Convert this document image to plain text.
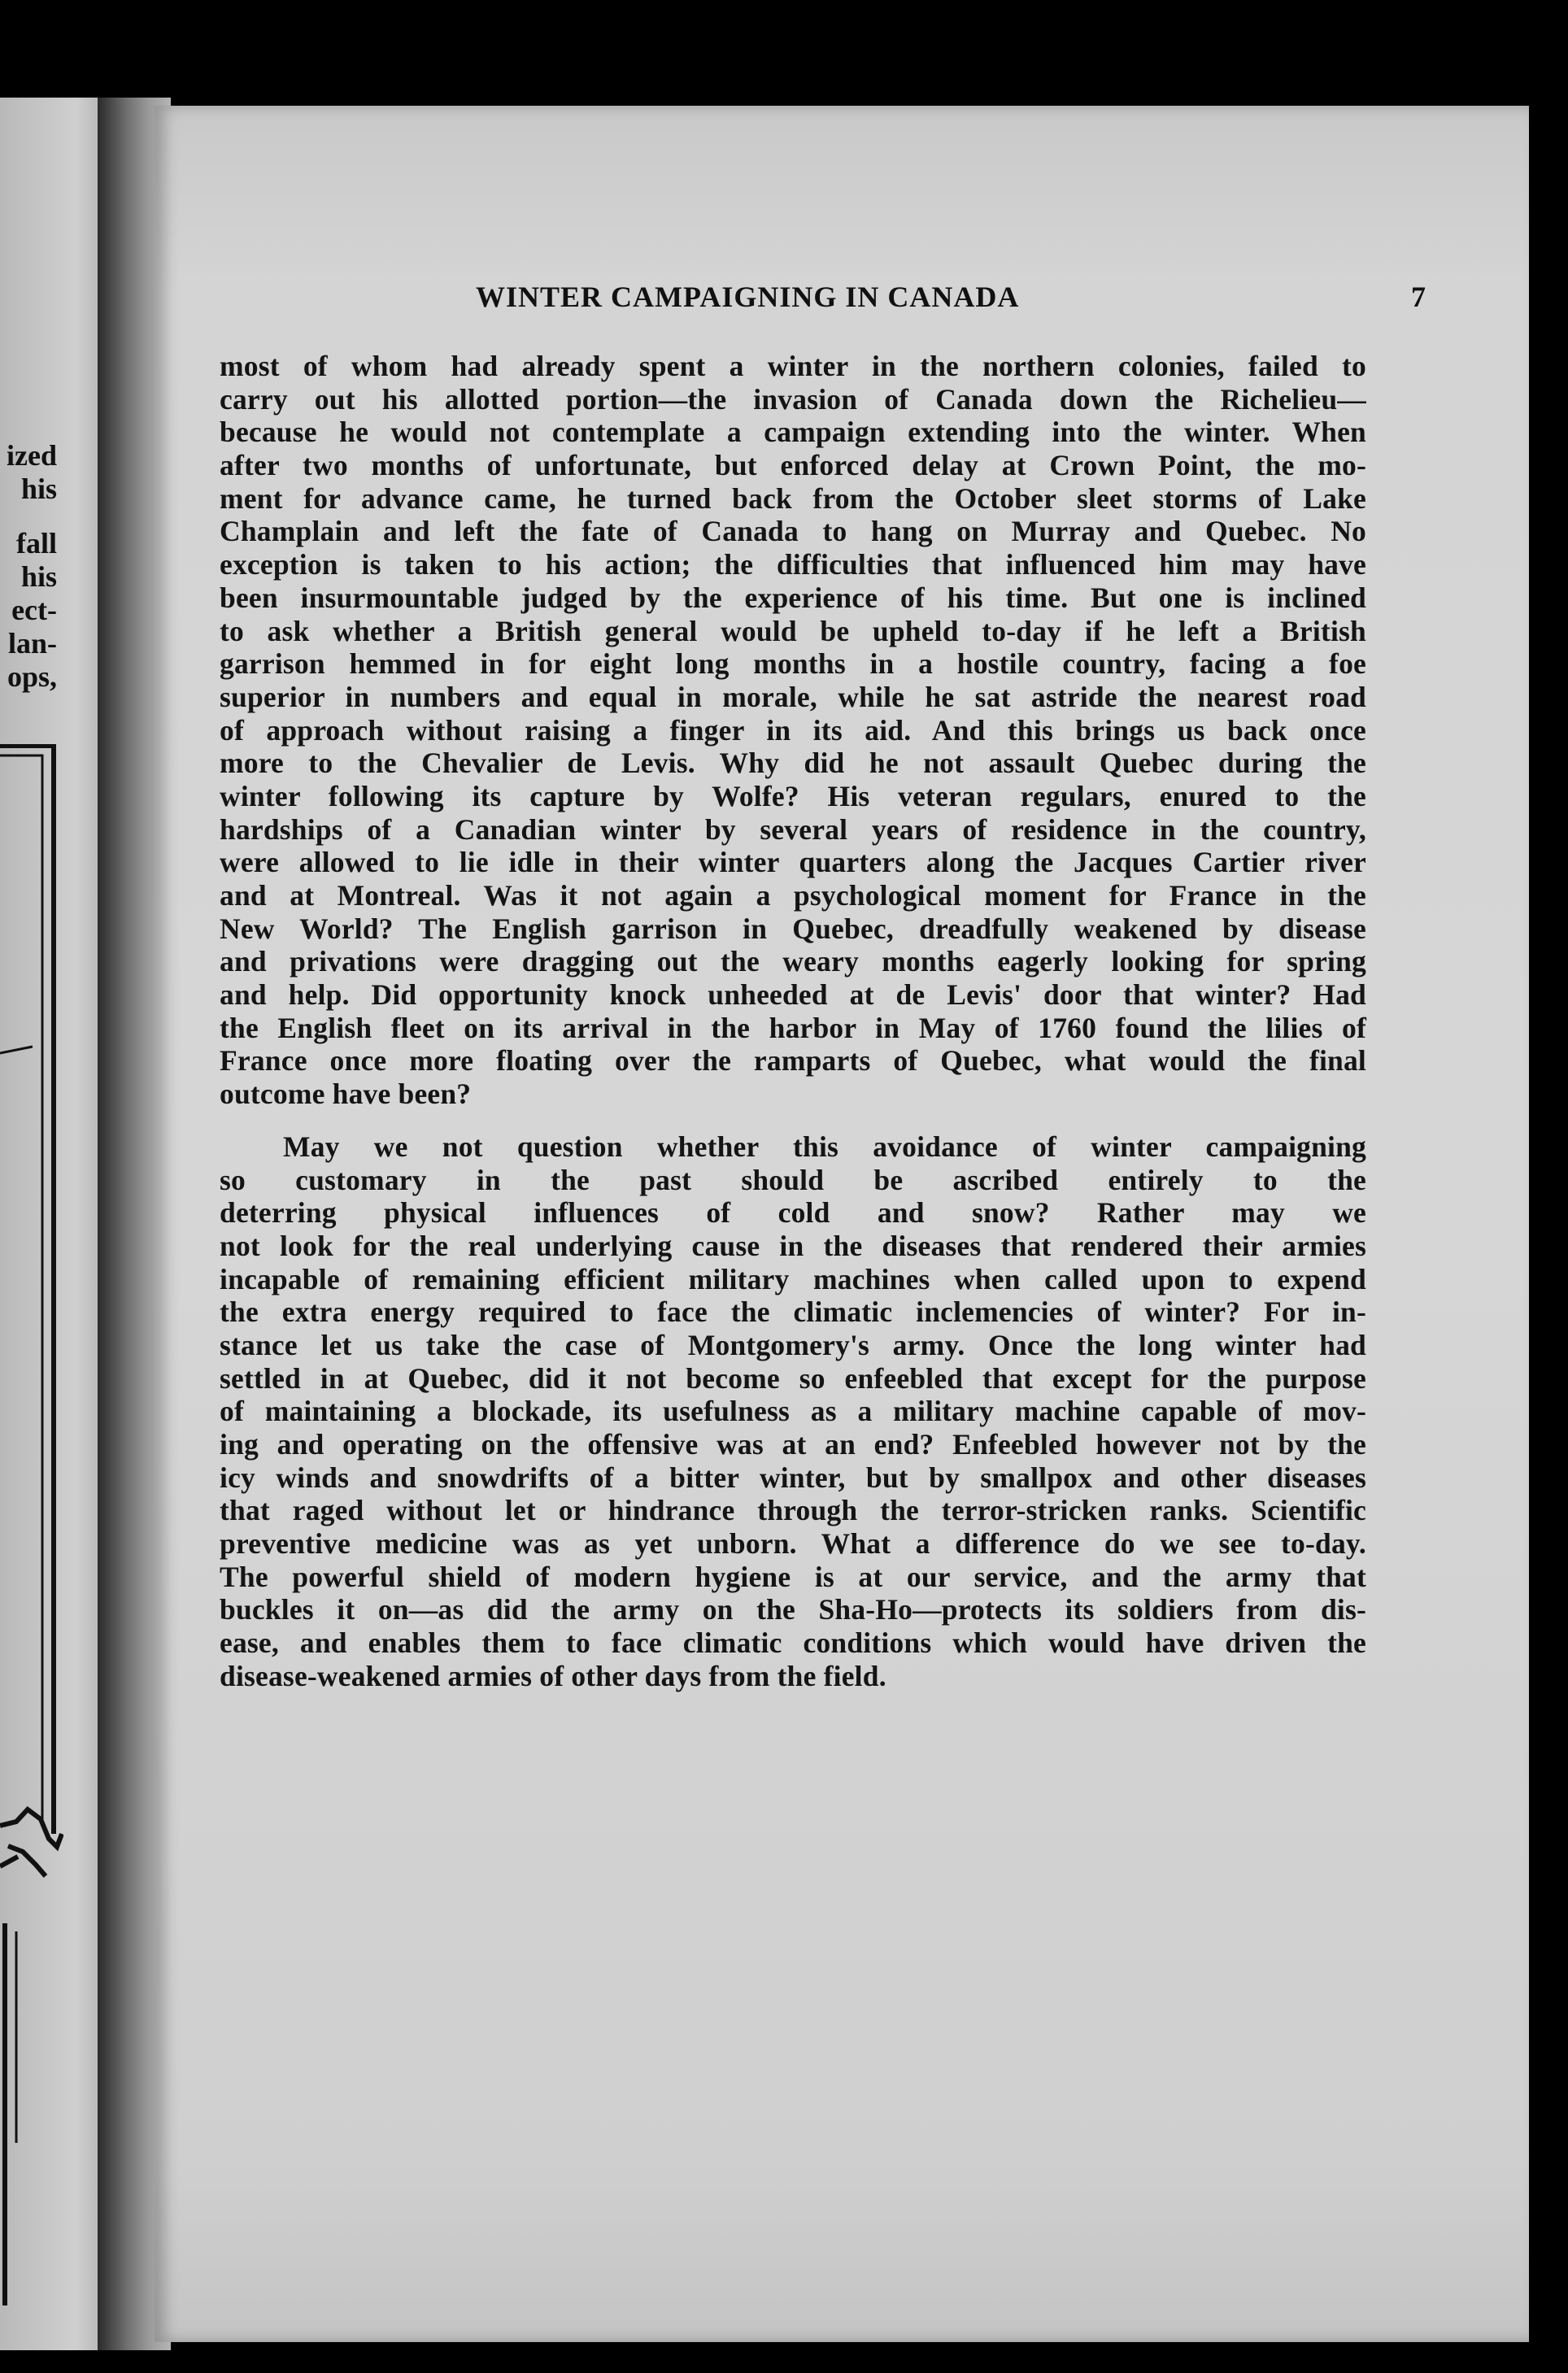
ized
his
fall
his
ect-
lan-
ops,
WINTER CAMPAIGNING IN CANADA	7
most of whom had already spent a winter in the northern colonies, failed to
carry out his allotted portion—the invasion of Canada down the Richelieu—
because he would not contemplate a campaign extending into the winter. When
after two months of unfortunate, but enforced delay at Crown Point, the mo-
ment for advance came, he turned back from the October sleet storms of Lake
Champlain and left the fate of Canada to hang on Murray and Quebec. No
exception is taken to his action; the difficulties that influenced him may have
been insurmountable judged by the experience of his time. But one is inclined
to ask whether a British general would be upheld to-day if he left a British
garrison hemmed in for eight long months in a hostile country, facing a foe
superior in numbers and equal in morale, while he sat astride the nearest road
of approach without raising a finger in its aid. And this brings us back once
more to the Chevalier de Levis. Why did he not assault Quebec during the
winter following its capture by Wolfe? His veteran regulars, enured to the
hardships of a Canadian winter by several years of residence in the country,
were allowed to lie idle in their winter quarters along the Jacques Cartier river
and at Montreal. Was it not again a psychological moment for France in the
New World? The English garrison in Quebec, dreadfully weakened by disease
and privations were dragging out the weary months eagerly looking for spring
and help. Did opportunity knock unheeded at de Levis' door that winter? Had
the English fleet on its arrival in the harbor in May of 1760 found the lilies of
France once more floating over the ramparts of Quebec, what would the final
outcome have been?
May we not question whether this avoidance of winter campaigning
so customary in the past should be ascribed entirely to the
deterring physical influences of cold and snow? Rather may we
not look for the real underlying cause in the diseases that rendered their armies
incapable of remaining efficient military machines when called upon to expend
the extra energy required to face the climatic inclemencies of winter? For in-
stance let us take the case of Montgomery's army. Once the long winter had
settled in at Quebec, did it not become so enfeebled that except for the purpose
of maintaining a blockade, its usefulness as a military machine capable of mov-
ing and operating on the offensive was at an end? Enfeebled however not by the
icy winds and snowdrifts of a bitter winter, but by smallpox and other diseases
that raged without let or hindrance through the terror-stricken ranks. Scientific
preventive medicine was as yet unborn. What a difference do we see to-day.
The powerful shield of modern hygiene is at our service, and the army that
buckles it on—as did the army on the Sha-Ho—protects its soldiers from dis-
ease, and enables them to face climatic conditions which would have driven the
disease-weakened armies of other days from the field.
